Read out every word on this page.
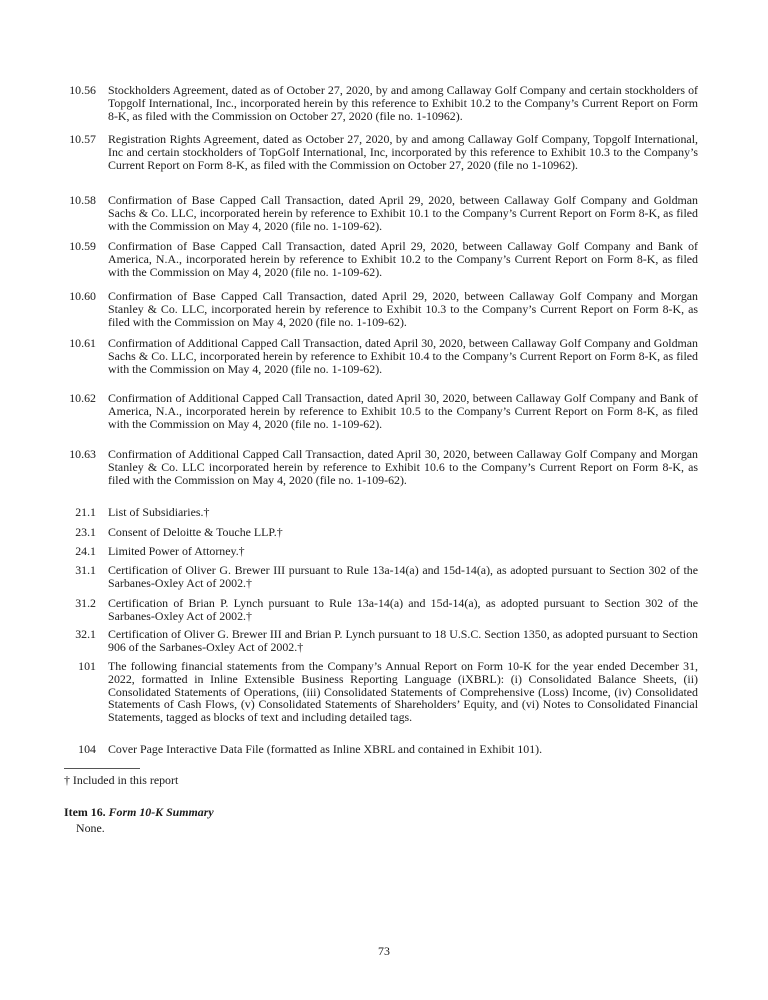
10.56 Stockholders Agreement, dated as of October 27, 2020, by and among Callaway Golf Company and certain stockholders of Topgolf International, Inc., incorporated herein by this reference to Exhibit 10.2 to the Company’s Current Report on Form 8-K, as filed with the Commission on October 27, 2020 (file no. 1-10962).
10.57 Registration Rights Agreement, dated as October 27, 2020, by and among Callaway Golf Company, Topgolf International, Inc and certain stockholders of TopGolf International, Inc, incorporated by this reference to Exhibit 10.3 to the Company’s Current Report on Form 8-K, as filed with the Commission on October 27, 2020 (file no 1-10962).
10.58 Confirmation of Base Capped Call Transaction, dated April 29, 2020, between Callaway Golf Company and Goldman Sachs & Co. LLC, incorporated herein by reference to Exhibit 10.1 to the Company’s Current Report on Form 8-K, as filed with the Commission on May 4, 2020 (file no. 1-109-62).
10.59 Confirmation of Base Capped Call Transaction, dated April 29, 2020, between Callaway Golf Company and Bank of America, N.A., incorporated herein by reference to Exhibit 10.2 to the Company’s Current Report on Form 8-K, as filed with the Commission on May 4, 2020 (file no. 1-109-62).
10.60 Confirmation of Base Capped Call Transaction, dated April 29, 2020, between Callaway Golf Company and Morgan Stanley & Co. LLC, incorporated herein by reference to Exhibit 10.3 to the Company’s Current Report on Form 8-K, as filed with the Commission on May 4, 2020 (file no. 1-109-62).
10.61 Confirmation of Additional Capped Call Transaction, dated April 30, 2020, between Callaway Golf Company and Goldman Sachs & Co. LLC, incorporated herein by reference to Exhibit 10.4 to the Company’s Current Report on Form 8-K, as filed with the Commission on May 4, 2020 (file no. 1-109-62).
10.62 Confirmation of Additional Capped Call Transaction, dated April 30, 2020, between Callaway Golf Company and Bank of America, N.A., incorporated herein by reference to Exhibit 10.5 to the Company’s Current Report on Form 8-K, as filed with the Commission on May 4, 2020 (file no. 1-109-62).
10.63 Confirmation of Additional Capped Call Transaction, dated April 30, 2020, between Callaway Golf Company and Morgan Stanley & Co. LLC incorporated herein by reference to Exhibit 10.6 to the Company’s Current Report on Form 8-K, as filed with the Commission on May 4, 2020 (file no. 1-109-62).
21.1 List of Subsidiaries.†
23.1 Consent of Deloitte & Touche LLP.†
24.1 Limited Power of Attorney.†
31.1 Certification of Oliver G. Brewer III pursuant to Rule 13a-14(a) and 15d-14(a), as adopted pursuant to Section 302 of the Sarbanes-Oxley Act of 2002.†
31.2 Certification of Brian P. Lynch pursuant to Rule 13a-14(a) and 15d-14(a), as adopted pursuant to Section 302 of the Sarbanes-Oxley Act of 2002.†
32.1 Certification of Oliver G. Brewer III and Brian P. Lynch pursuant to 18 U.S.C. Section 1350, as adopted pursuant to Section 906 of the Sarbanes-Oxley Act of 2002.†
101 The following financial statements from the Company’s Annual Report on Form 10-K for the year ended December 31, 2022, formatted in Inline Extensible Business Reporting Language (iXBRL): (i) Consolidated Balance Sheets, (ii) Consolidated Statements of Operations, (iii) Consolidated Statements of Comprehensive (Loss) Income, (iv) Consolidated Statements of Cash Flows, (v) Consolidated Statements of Shareholders’ Equity, and (vi) Notes to Consolidated Financial Statements, tagged as blocks of text and including detailed tags.
104 Cover Page Interactive Data File (formatted as Inline XBRL and contained in Exhibit 101).
† Included in this report
Item 16. Form 10-K Summary
None.
73
